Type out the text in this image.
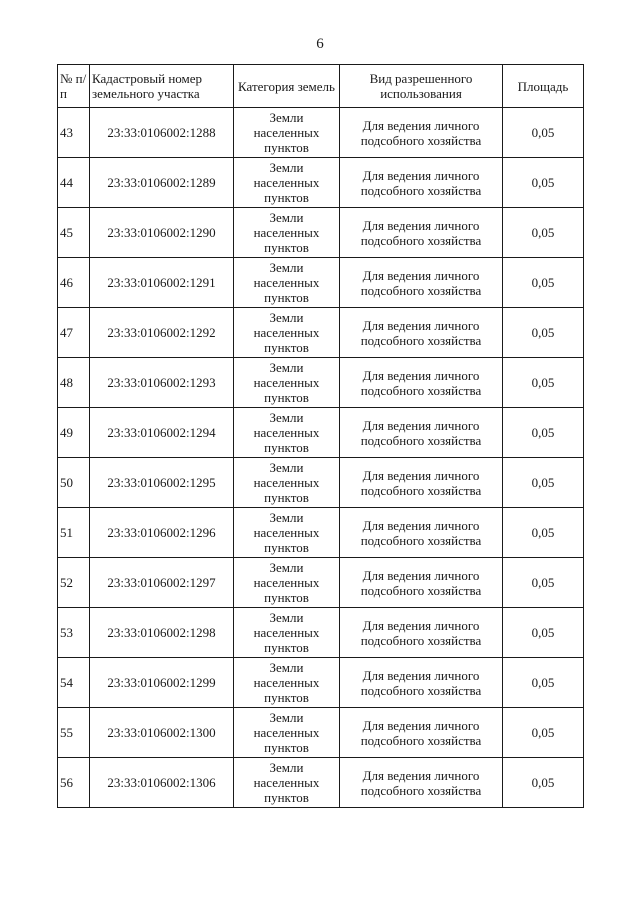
6
№ п/п	Кадастровый номер земельного участка	Категория земель	Вид разрешенного использования	Площадь
43	23:33:0106002:1288	Земли населенных пунктов	Для ведения личного подсобного хозяйства	0,05
44	23:33:0106002:1289	Земли населенных пунктов	Для ведения личного подсобного хозяйства	0,05
45	23:33:0106002:1290	Земли населенных пунктов	Для ведения личного подсобного хозяйства	0,05
46	23:33:0106002:1291	Земли населенных пунктов	Для ведения личного подсобного хозяйства	0,05
47	23:33:0106002:1292	Земли населенных пунктов	Для ведения личного подсобного хозяйства	0,05
48	23:33:0106002:1293	Земли населенных пунктов	Для ведения личного подсобного хозяйства	0,05
49	23:33:0106002:1294	Земли населенных пунктов	Для ведения личного подсобного хозяйства	0,05
50	23:33:0106002:1295	Земли населенных пунктов	Для ведения личного подсобного хозяйства	0,05
51	23:33:0106002:1296	Земли населенных пунктов	Для ведения личного подсобного хозяйства	0,05
52	23:33:0106002:1297	Земли населенных пунктов	Для ведения личного подсобного хозяйства	0,05
53	23:33:0106002:1298	Земли населенных пунктов	Для ведения личного подсобного хозяйства	0,05
54	23:33:0106002:1299	Земли населенных пунктов	Для ведения личного подсобного хозяйства	0,05
55	23:33:0106002:1300	Земли населенных пунктов	Для ведения личного подсобного хозяйства	0,05
56	23:33:0106002:1306	Земли населенных пунктов	Для ведения личного подсобного хозяйства	0,05
